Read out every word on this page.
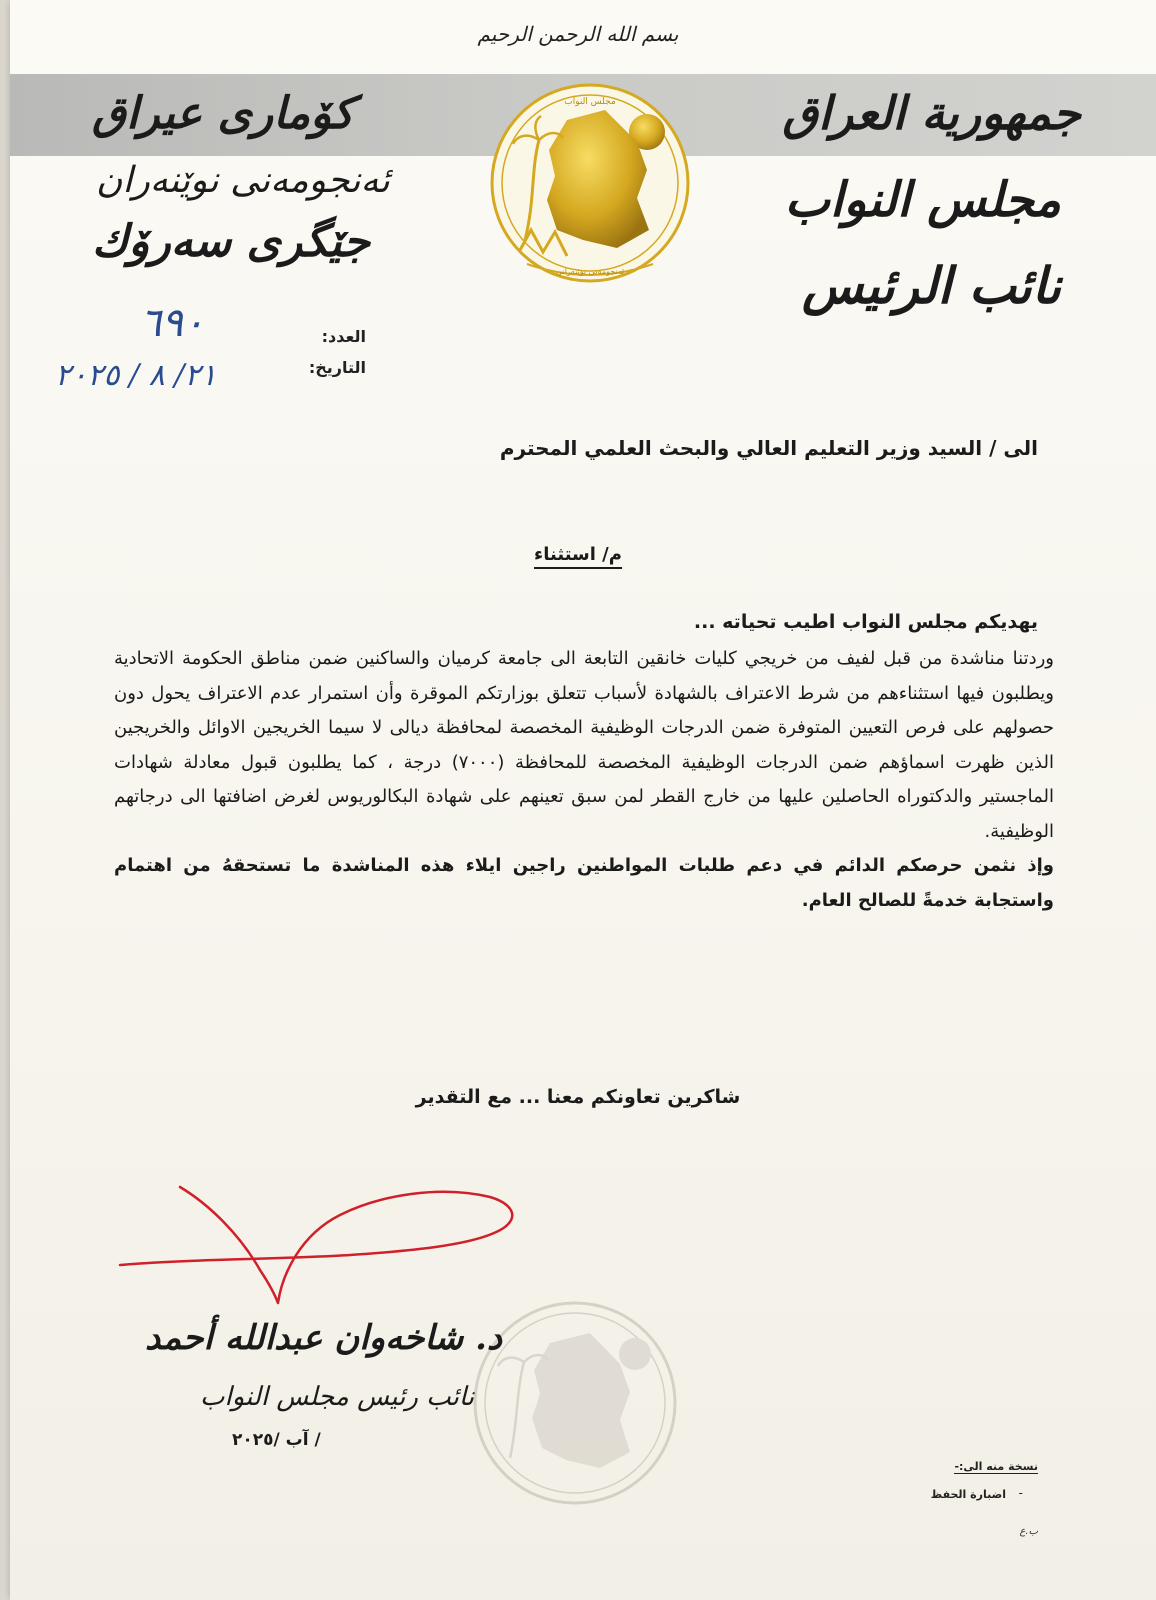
بسم الله الرحمن الرحيم
جمهورية العراق
مجلس النواب
نائب الرئيس
كۆماری عیراق
ئەنجومەنی نوێنەران
جێگری سەرۆك
مجلس النواب
ئەنجومەنی نوێنەرانی
العدد:
التاريخ:
٦٩٠
٢١/ ٨ / ٢٠٢٥
الى / السيد وزير التعليم العالي والبحث العلمي المحترم
م/ استثناء
يهديكم مجلس النواب اطيب تحياته ...

وردتنا مناشدة من قبل لفيف من خريجي كليات خانقين التابعة الى جامعة كرميان والساكنين ضمن مناطق الحكومة الاتحادية ويطلبون فيها استثناءهم من شرط الاعتراف بالشهادة لأسباب تتعلق بوزارتكم الموقرة وأن استمرار عدم الاعتراف يحول دون حصولهم على فرص التعيين المتوفرة ضمن الدرجات الوظيفية المخصصة لمحافظة ديالى لا سيما الخريجين الاوائل والخريجين الذين ظهرت اسماؤهم ضمن الدرجات الوظيفية المخصصة للمحافظة (٧٠٠٠) درجة ، كما يطلبون قبول معادلة شهادات الماجستير والدكتوراه الحاصلين عليها من خارج القطر لمن سبق تعينهم على شهادة البكالوريوس لغرض اضافتها الى درجاتهم الوظيفية.

وإذ نثمن حرصكم الدائم في دعم طلبات المواطنين راجين ايلاء هذه المناشدة ما تستحقهُ من اهتمام واستجابة خدمةً للصالح العام.

شاكرين تعاونكم معنا ... مع التقدير
د. شاخەوان عبدالله أحمد
نائب رئيس مجلس النواب
/ آب /٢٠٢٥
نسخة منه الى:-
-
اضبارة الحفظ
ب.ع
